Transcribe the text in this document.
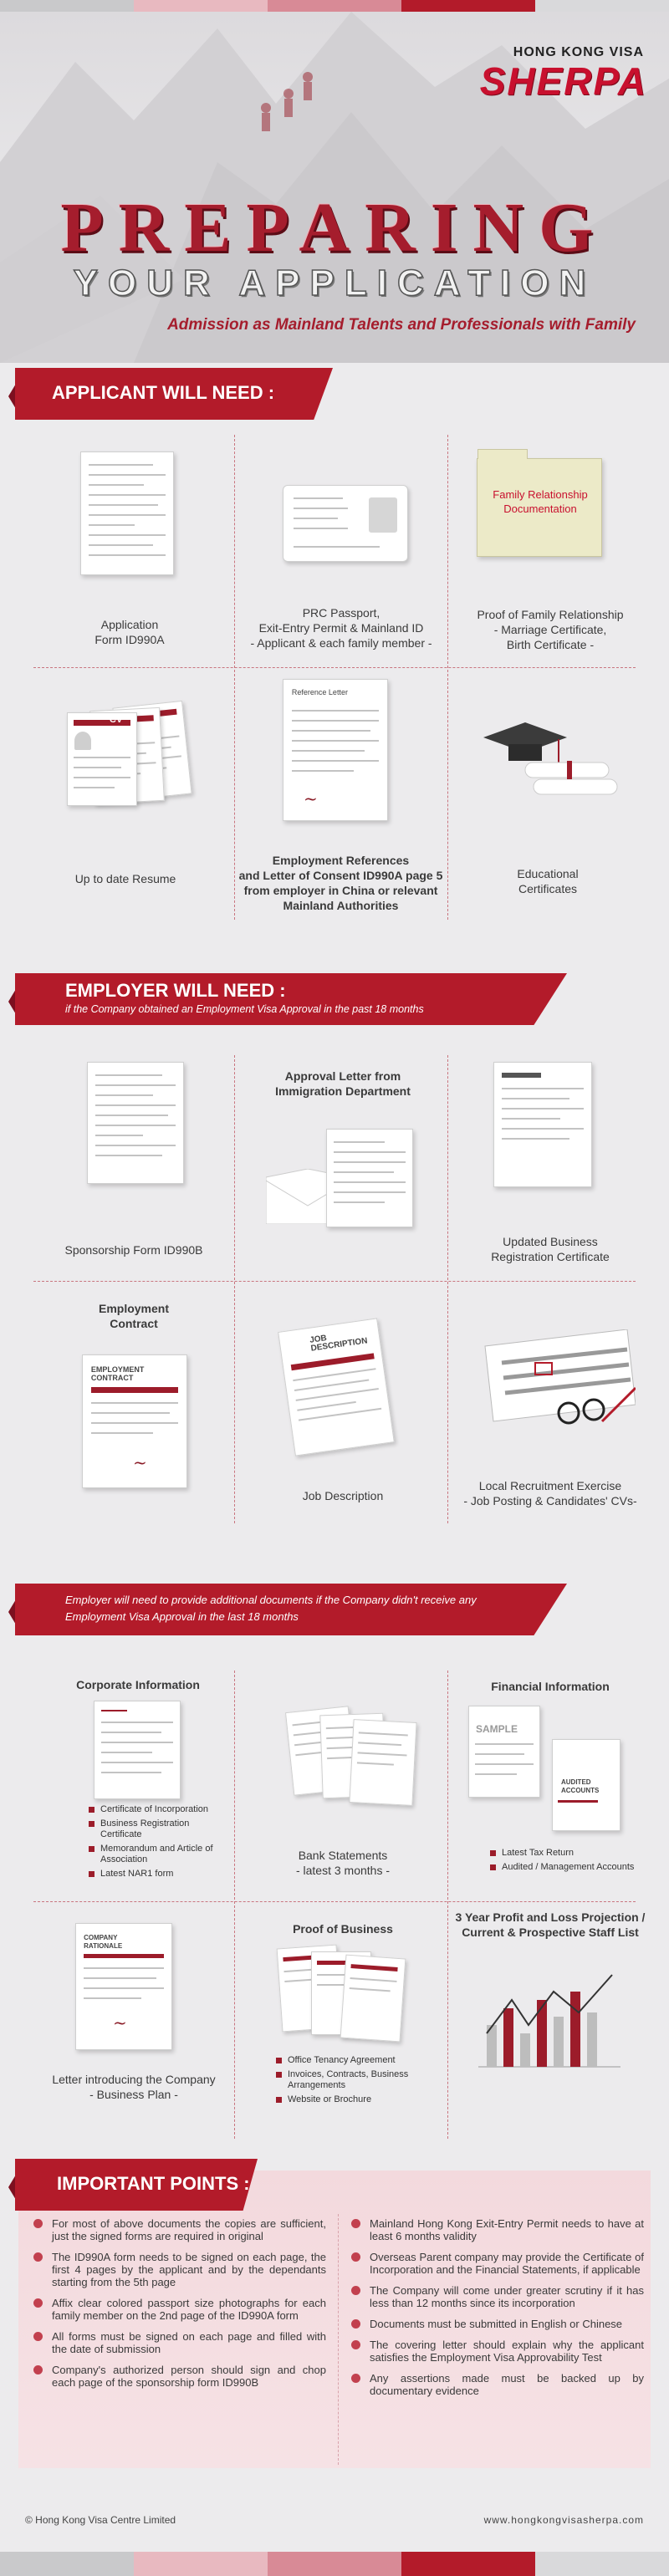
HONG KONG VISA
SHERPA
PREPARING
YOUR APPLICATION
Admission as Mainland Talents and Professionals with Family
APPLICANT WILL NEED :
Application
Form ID990A
PRC Passport,
Exit-Entry Permit & Mainland ID
- Applicant & each family member -
Family Relationship
Documentation
Proof of Family Relationship
- Marriage Certificate,
Birth Certificate -
CV
Up to date Resume
Reference Letter
~
Employment References
and Letter of Consent ID990A page 5
from employer in China or relevant
Mainland Authorities
Educational
Certificates
EMPLOYER WILL NEED :
if the Company obtained an Employment Visa Approval in the past 18 months
Sponsorship Form ID990B
Approval Letter from
Immigration Department
Updated Business
Registration Certificate
Employment
Contract
EMPLOYMENT
CONTRACT
~
JOB
DESCRIPTION
Job Description
Local Recruitment Exercise
- Job Posting & Candidates' CVs-
Employer will need to provide additional documents if the Company didn't receive any Employment Visa Approval in the last 18 months
Corporate Information
Certificate of Incorporation
Business Registration Certificate
Memorandum and Article of Association
Latest NAR1 form
Bank Statements
- latest 3 months -
Financial Information
SAMPLE
AUDITED
ACCOUNTS
Latest Tax Return
Audited / Management Accounts
COMPANY
RATIONALE
~
Letter introducing the Company
- Business Plan -
Proof of Business
Office Tenancy Agreement
Invoices, Contracts, Business Arrangements
Website or Brochure
3 Year Profit and Loss Projection /
Current & Prospective Staff List
IMPORTANT POINTS :
For most of above documents the copies are sufficient, just the signed forms are required in original
The ID990A form needs to be signed on each page, the first 4 pages by the applicant and by the dependants starting from the 5th page
Affix clear colored passport size photographs for each family member on the 2nd page of the ID990A form
All forms must be signed on each page and filled with the date of submission
Company's authorized person should sign and chop each page of the sponsorship form ID990B
Mainland Hong Kong Exit-Entry Permit needs to have at least 6 months validity
Overseas Parent company may provide the Certificate of Incorporation and the Financial Statements, if applicable
The Company will come under greater scrutiny if it has less than 12 months since its incorporation
Documents must be submitted in English or Chinese
The covering letter should explain why the applicant satisfies the Employment Visa Approvability Test
Any assertions made must be backed up by documentary evidence
© Hong Kong Visa Centre Limited	www.hongkongvisasherpa.com
